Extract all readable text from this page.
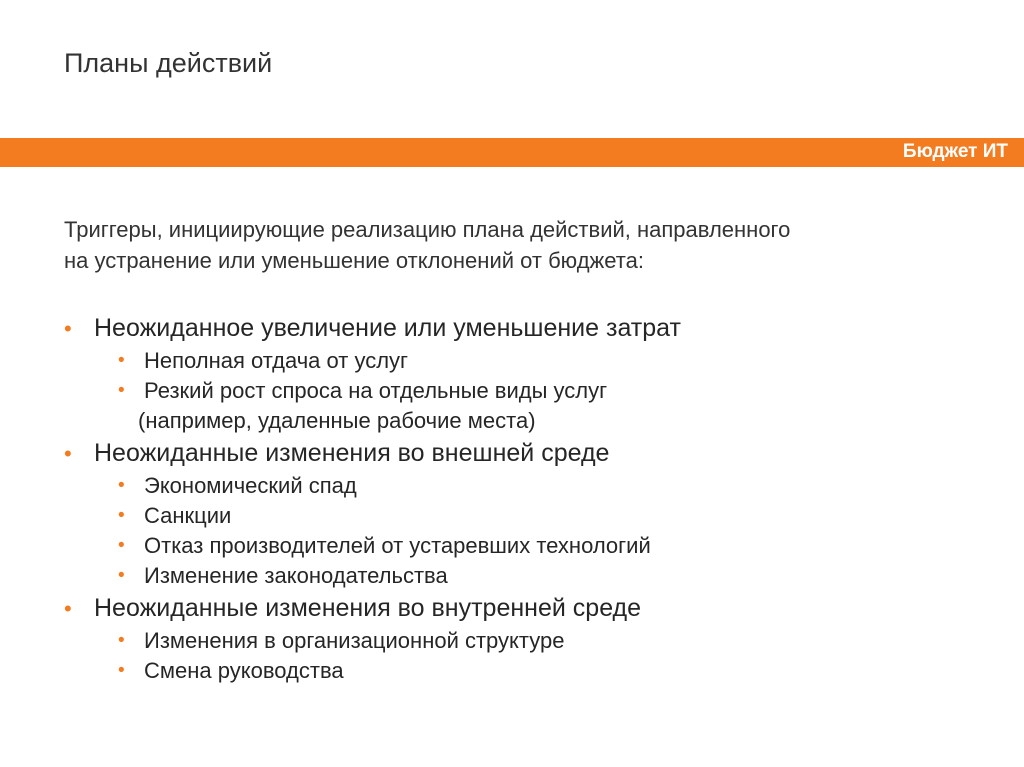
Планы действий
Бюджет ИТ
Триггеры, инициирующие реализацию плана действий, направленного
на устранение или уменьшение отклонений от бюджета:
• Неожиданное увеличение или уменьшение затрат
• Неполная отдача от услуг
• Резкий рост спроса на отдельные виды услуг
(например, удаленные рабочие места)
• Неожиданные изменения во внешней среде
• Экономический спад
• Санкции
• Отказ производителей от устаревших технологий
• Изменение законодательства
• Неожиданные изменения во внутренней среде
• Изменения в организационной структуре
• Смена руководства
